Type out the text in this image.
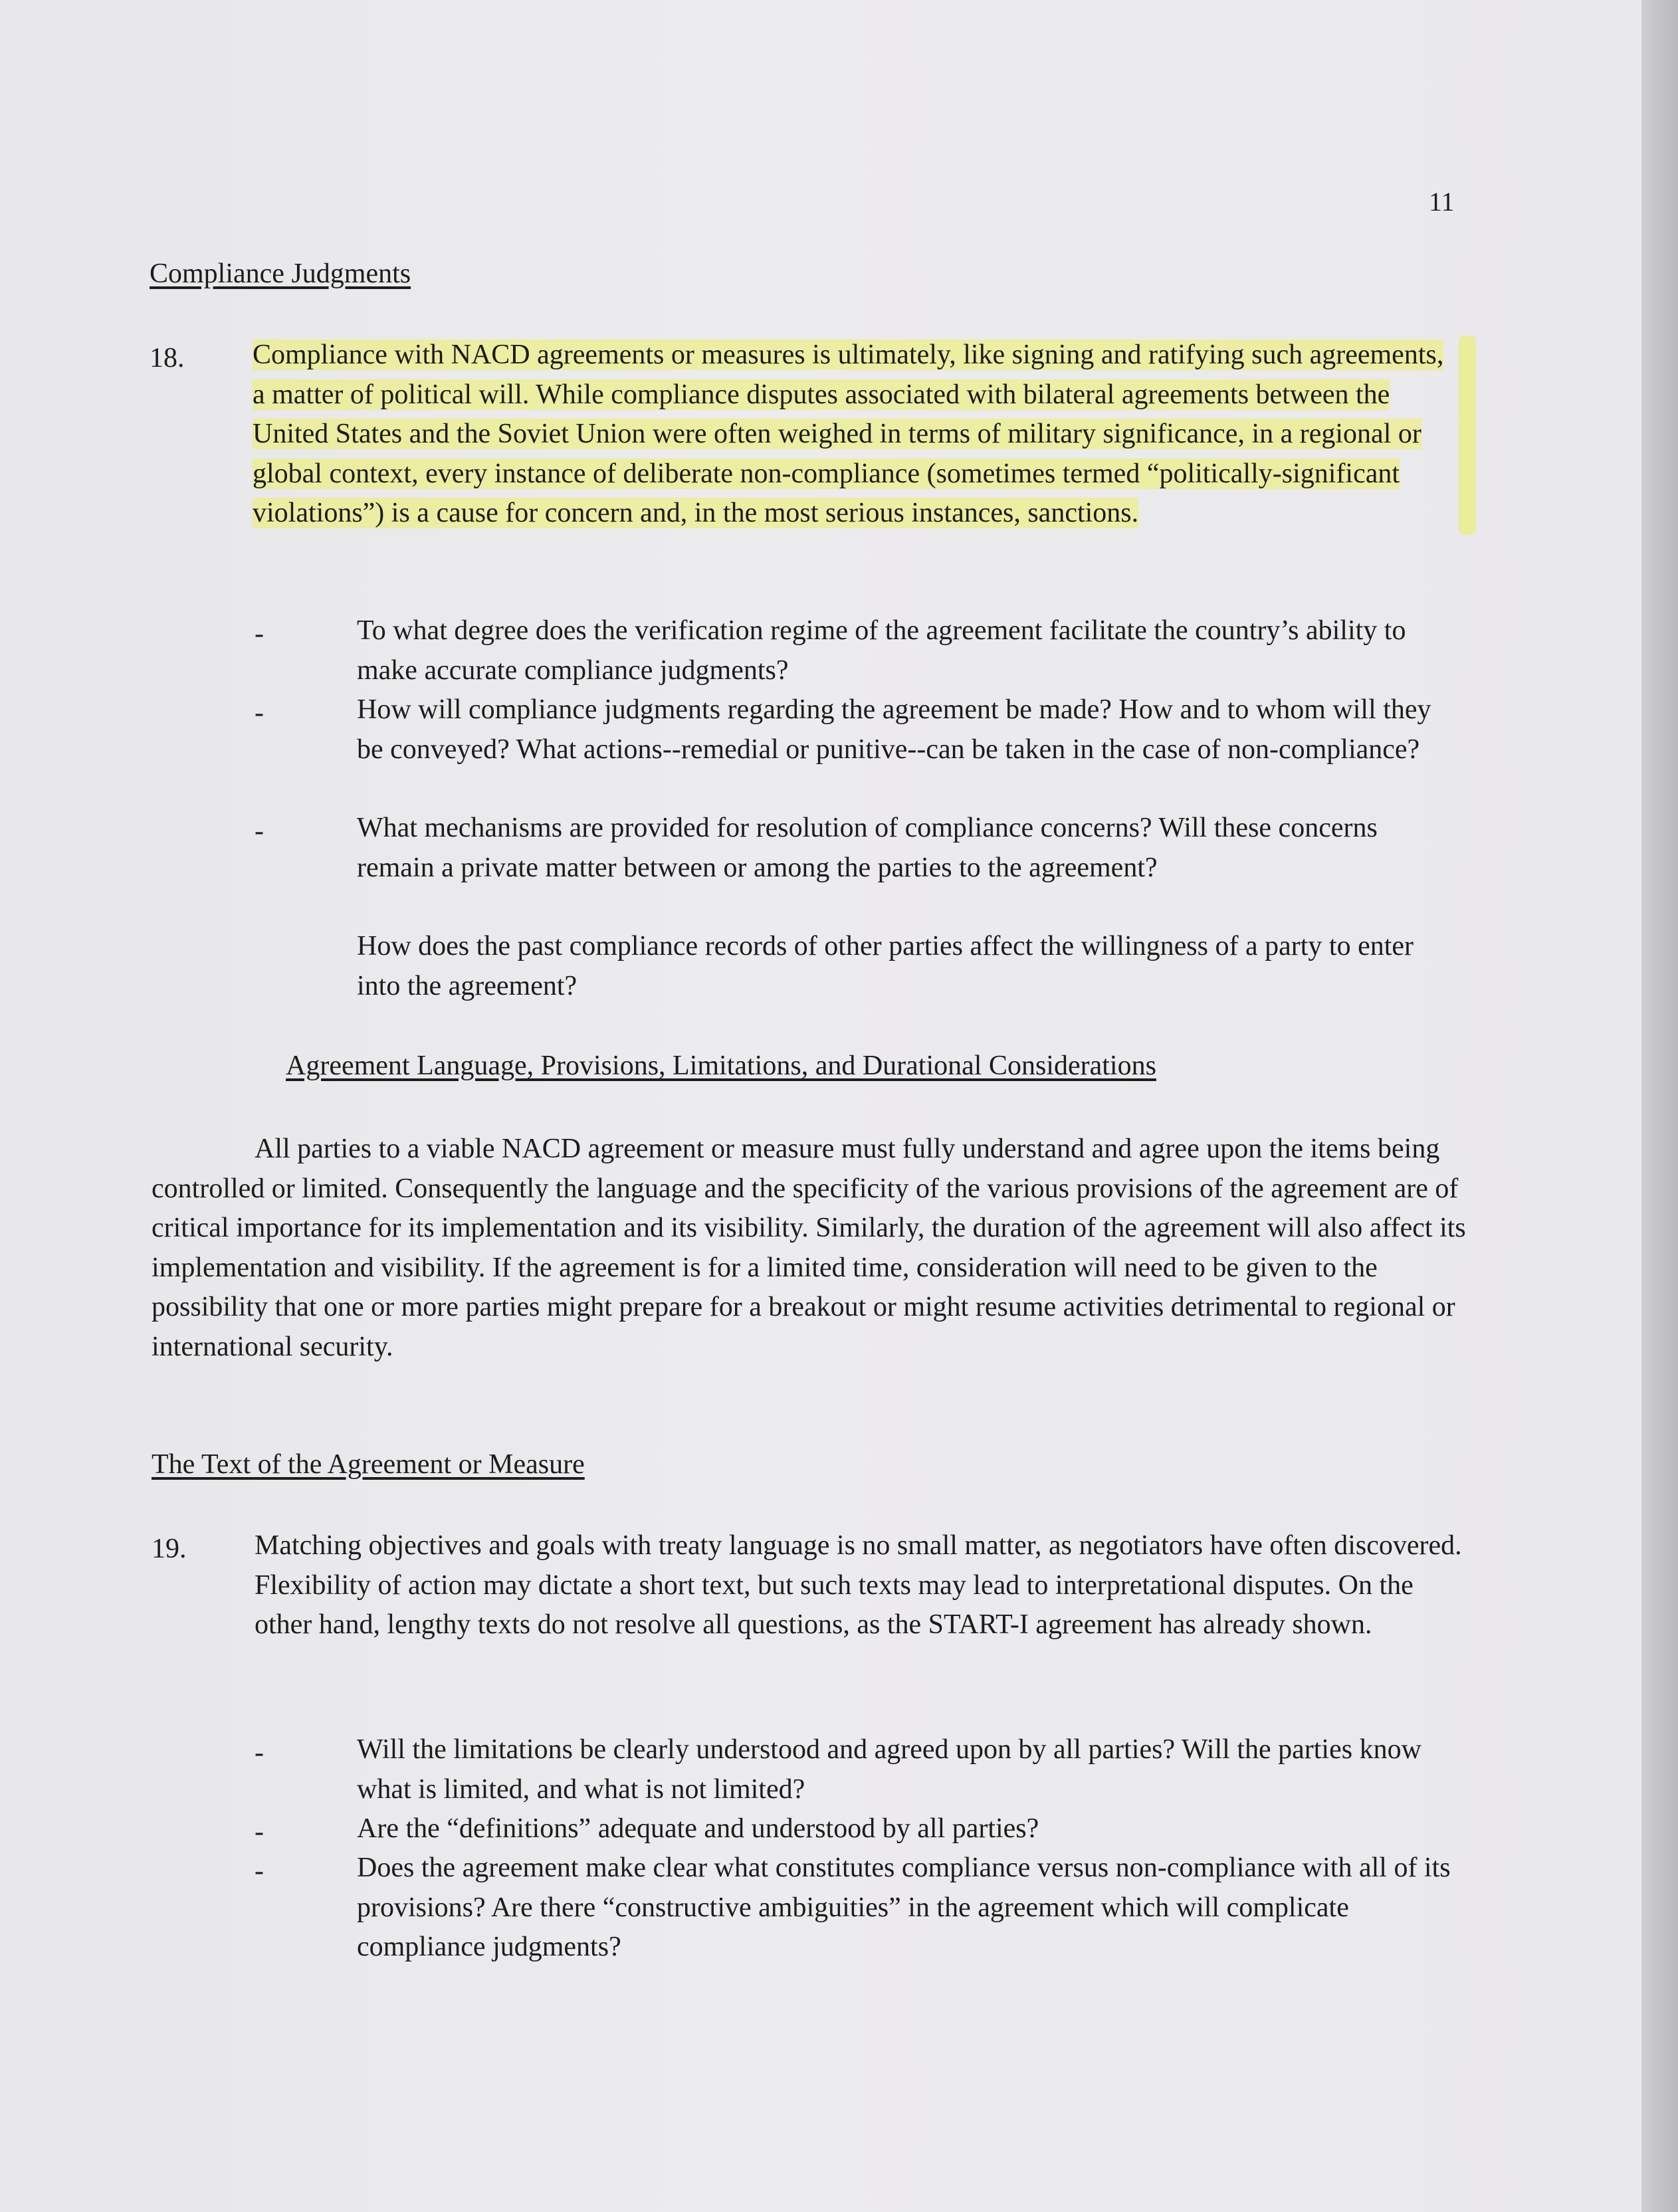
11
Compliance Judgments
18. Compliance with NACD agreements or measures is ultimately, like signing and ratifying such agreements, a matter of political will. While compliance disputes associated with bilateral agreements between the United States and the Soviet Union were often weighed in terms of military significance, in a regional or global context, every instance of deliberate non-compliance (sometimes termed “politically-significant violations”) is a cause for concern and, in the most serious instances, sanctions.
-	To what degree does the verification regime of the agreement facilitate the country’s ability to make accurate compliance judgments?
-	How will compliance judgments regarding the agreement be made? How and to whom will they be conveyed? What actions--remedial or punitive--can be taken in the case of non-compliance?
-	What mechanisms are provided for resolution of compliance concerns? Will these concerns remain a private matter between or among the parties to the agreement?
How does the past compliance records of other parties affect the willingness of a party to enter into the agreement?
Agreement Language, Provisions, Limitations, and Durational Considerations
All parties to a viable NACD agreement or measure must fully understand and agree upon the items being controlled or limited. Consequently the language and the specificity of the various provisions of the agreement are of critical importance for its implementation and its visibility. Similarly, the duration of the agreement will also affect its implementation and visibility. If the agreement is for a limited time, consideration will need to be given to the possibility that one or more parties might prepare for a breakout or might resume activities detrimental to regional or international security.
The Text of the Agreement or Measure
19. Matching objectives and goals with treaty language is no small matter, as negotiators have often discovered. Flexibility of action may dictate a short text, but such texts may lead to interpretational disputes. On the other hand, lengthy texts do not resolve all questions, as the START-I agreement has already shown.
-	Will the limitations be clearly understood and agreed upon by all parties? Will the parties know what is limited, and what is not limited?
-	Are the “definitions” adequate and understood by all parties?
-	Does the agreement make clear what constitutes compliance versus non-compliance with all of its provisions? Are there “constructive ambiguities” in the agreement which will complicate compliance judgments?
